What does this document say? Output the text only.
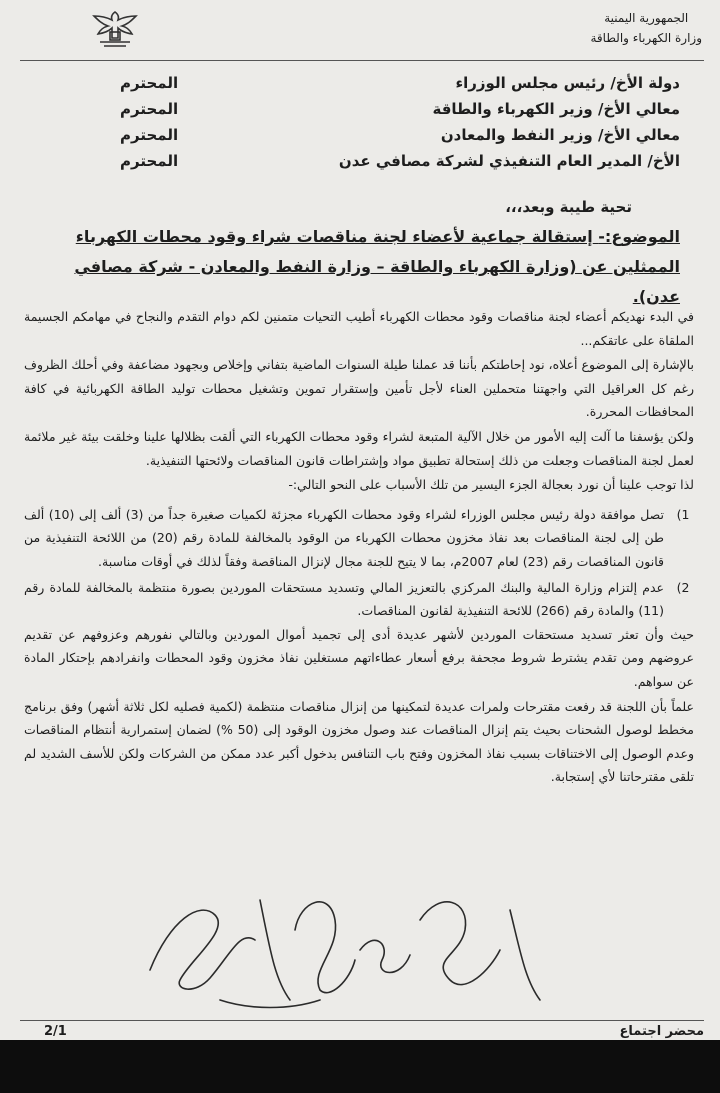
الجمهورية اليمنية
وزارة الكهرباء والطاقة
دولة الأخ/ رئيس مجلس الوزراء
المحترم
معالي الأخ/ وزير الكهرباء والطاقة
المحترم
معالي الأخ/ وزير النفط والمعادن
المحترم
الأخ/ المدير العام التنفيذي لشركة مصافي عدن
المحترم
تحية طيبة وبعد،،،
الموضوع:- إستقالة جماعية لأعضاء لجنة مناقصات شراء وقود محطات الكهرباء
الممثلين عن (وزارة الكهرباء والطاقة – وزارة النفط والمعادن - شركة مصافي عدن).

في البدء نهديكم أعضاء لجنة مناقصات وقود محطات الكهرباء أطيب التحيات متمنين لكم دوام التقدم والنجاح في مهامكم الجسيمة الملقاة على عاتقكم...

بالإشارة إلى الموضوع أعلاه، نود إحاطتكم بأننا قد عملنا طيلة السنوات الماضية بتفاني وإخلاص وبجهود مضاعفة وفي أحلك الظروف رغم كل العراقيل التي واجهتنا متحملين العناء لأجل تأمين وإستقرار تموين وتشغيل محطات توليد الطاقة الكهربائية في كافة المحافظات المحررة.

ولكن يؤسفنا ما آلت إليه الأمور من خلال الآلية المتبعة لشراء وقود محطات الكهرباء التي ألقت بظلالها علينا وخلقت بيئة غير ملائمة لعمل لجنة المناقصات وجعلت من ذلك إستحالة تطبيق مواد وإشتراطات قانون المناقصات ولائحتها التنفيذية.

لذا توجب علينا أن نورد بعجالة الجزء اليسير من تلك الأسباب على النحو التالي:-

1)
تصل موافقة دولة رئيس مجلس الوزراء لشراء وقود محطات الكهرباء مجزئة لكميات صغيرة جداً من (3) ألف إلى (10) ألف طن إلى لجنة المناقصات بعد نفاذ مخزون محطات الكهرباء من الوقود بالمخالفة للمادة رقم (20) من اللائحة التنفيذية من قانون المناقصات رقم (23) لعام 2007م، بما لا يتيح للجنة مجال لإنزال المناقصة وفقاً لذلك في أوقات مناسبة.
2)
عدم إلتزام وزارة المالية والبنك المركزي بالتعزيز المالي وتسديد مستحقات الموردين بصورة منتظمة بالمخالفة للمادة رقم (11) والمادة رقم (266) للائحة التنفيذية لقانون المناقصات.

حيث وأن تعثر تسديد مستحقات الموردين لأشهر عديدة أدى إلى تجميد أموال الموردين وبالتالي نفورهم وعزوفهم عن تقديم عروضهم ومن تقدم يشترط شروط مجحفة برفع أسعار عطاءاتهم مستغلين نفاذ مخزون وقود المحطات وانفرادهم بإحتكار المادة عن سواهم.

علماً بأن اللجنة قد رفعت مقترحات ولمرات عديدة لتمكينها من إنزال مناقصات منتظمة (لكمية فصليه لكل ثلاثة أشهر) وفق برنامج مخطط لوصول الشحنات بحيث يتم إنزال المناقصات عند وصول مخزون الوقود إلى (50 %) لضمان إستمرارية أنتظام المناقصات وعدم الوصول إلى الاختناقات بسبب نفاذ المخزون وفتح باب التنافس بدخول أكبر عدد ممكن من الشركات ولكن للأسف الشديد لم تلقى مقترحاتنا لأي إستجابة.

2/1	محضر اجتماع
